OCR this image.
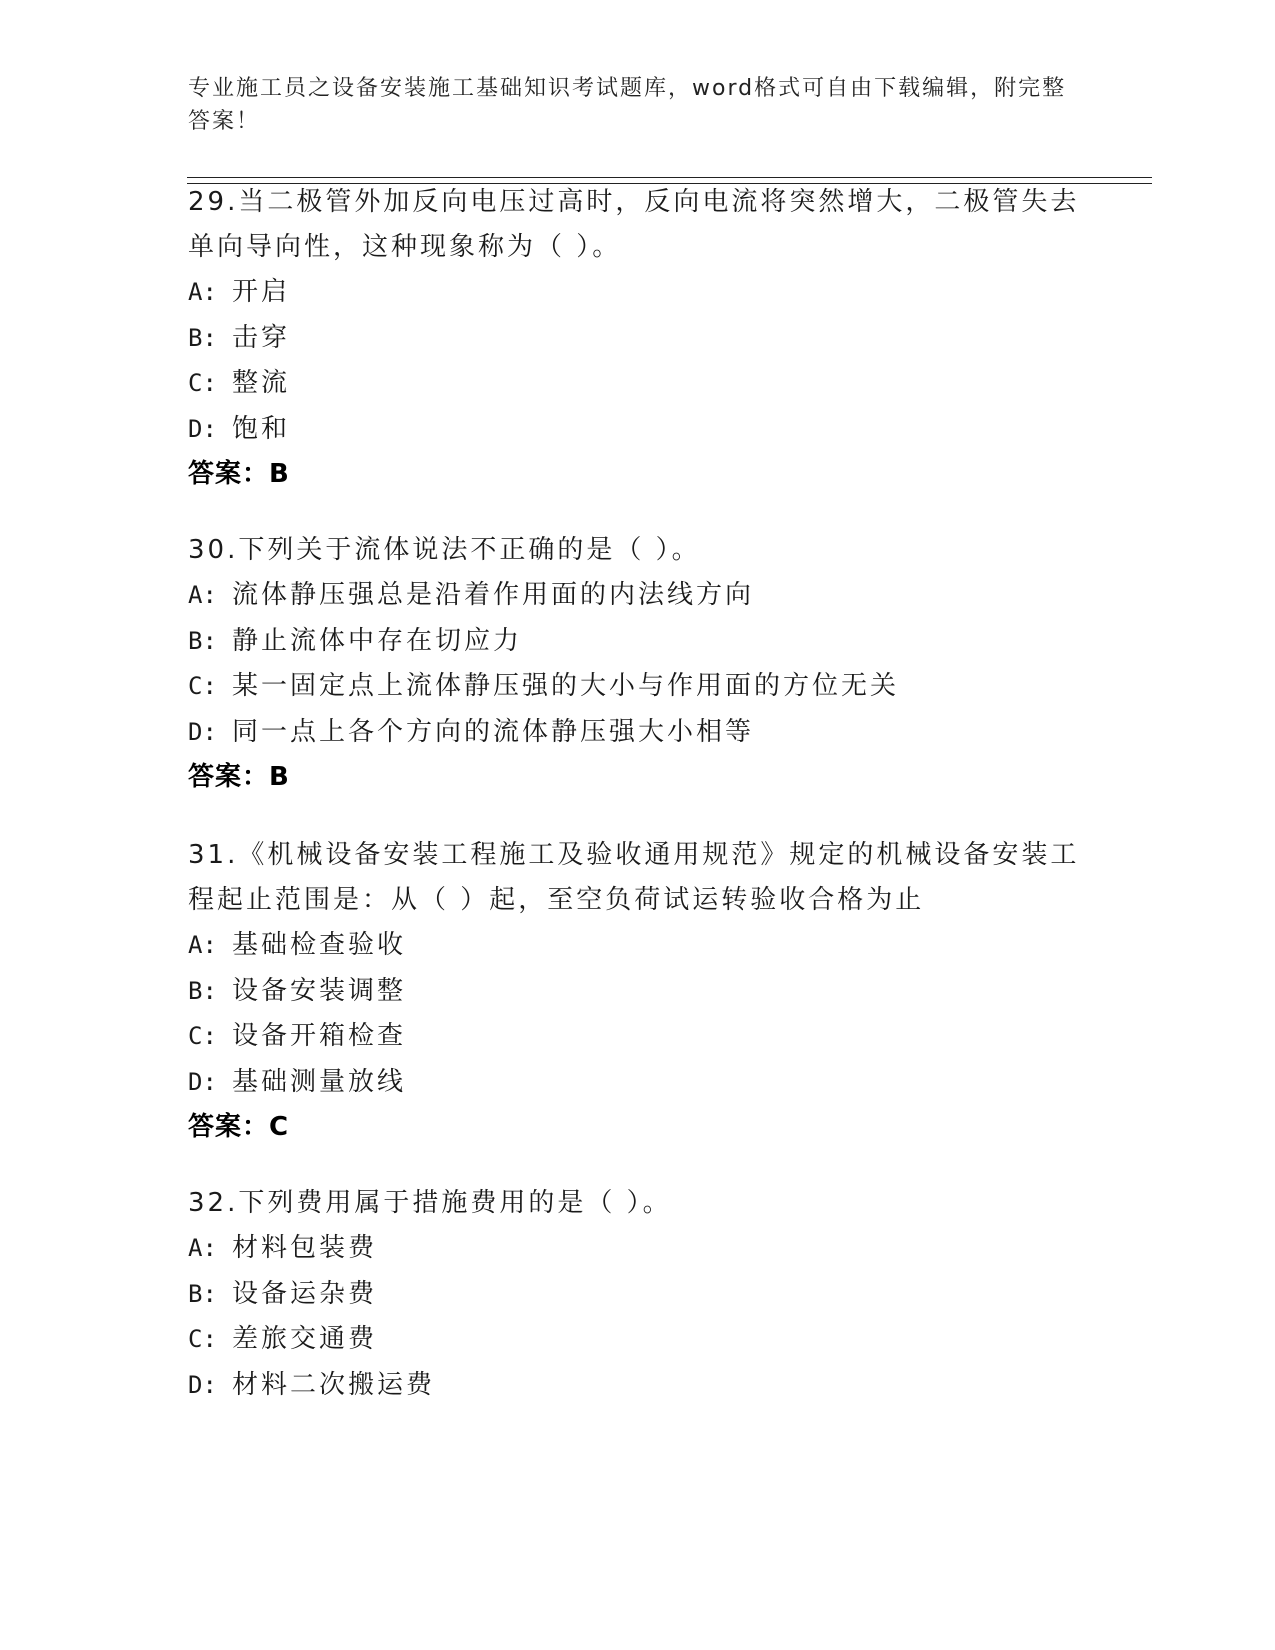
专业施工员之设备安装施工基础知识考试题库，word格式可自由下载编辑，附完整答案！

29.当二极管外加反向电压过高时，反向电流将突然增大，二极管失去单向导向性，这种现象称为（ ）。

A: 开启
B: 击穿
C: 整流
D: 饱和
答案：B

30.下列关于流体说法不正确的是（ ）。

A: 流体静压强总是沿着作用面的内法线方向
B: 静止流体中存在切应力
C: 某一固定点上流体静压强的大小与作用面的方位无关
D: 同一点上各个方向的流体静压强大小相等
答案：B

31.《机械设备安装工程施工及验收通用规范》规定的机械设备安装工程起止范围是：从（ ）起，至空负荷试运转验收合格为止

A: 基础检查验收
B: 设备安装调整
C: 设备开箱检查
D: 基础测量放线
答案：C

32.下列费用属于措施费用的是（ ）。

A: 材料包装费
B: 设备运杂费
C: 差旅交通费
D: 材料二次搬运费
